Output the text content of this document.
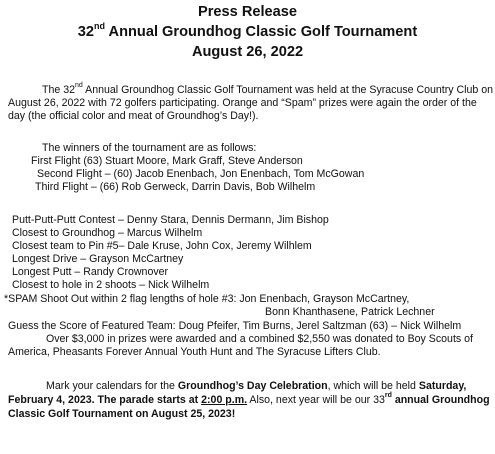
Press Release
32nd Annual Groundhog Classic Golf Tournament
August 26, 2022
The 32nd Annual Groundhog Classic Golf Tournament was held at the Syracuse Country Club on
August 26, 2022 with 72 golfers participating. Orange and “Spam” prizes were again the order of the
day (the official color and meat of Groundhog’s Day!).
The winners of the tournament are as follows:
First Flight (63) Stuart Moore, Mark Graff, Steve Anderson
Second Flight – (60) Jacob Enenbach, Jon Enenbach, Tom McGowan
Third Flight – (66) Rob Gerweck, Darrin Davis, Bob Wilhelm
Putt-Putt-Putt Contest – Denny Stara, Dennis Dermann, Jim Bishop
Closest to Groundhog – Marcus Wilhelm
Closest team to Pin #5– Dale Kruse, John Cox, Jeremy Wilhlem
Longest Drive – Grayson McCartney
Longest Putt – Randy Crownover
Closest to hole in 2 shoots – Nick Wilhelm
*SPAM Shoot Out within 2 flag lengths of hole #3: Jon Enenbach, Grayson McCartney,
Bonn Khanthasene, Patrick Lechner
Guess the Score of Featured Team: Doug Pfeifer, Tim Burns, Jerel Saltzman (63) – Nick Wilhelm
Over $3,000 in prizes were awarded and a combined $2,550 was donated to Boy Scouts of
America, Pheasants Forever Annual Youth Hunt and The Syracuse Lifters Club.
Mark your calendars for the Groundhog’s Day Celebration, which will be held Saturday,
February 4, 2023. The parade starts at 2:00 p.m. Also, next year will be our 33rd annual Groundhog
Classic Golf Tournament on August 25, 2023!
